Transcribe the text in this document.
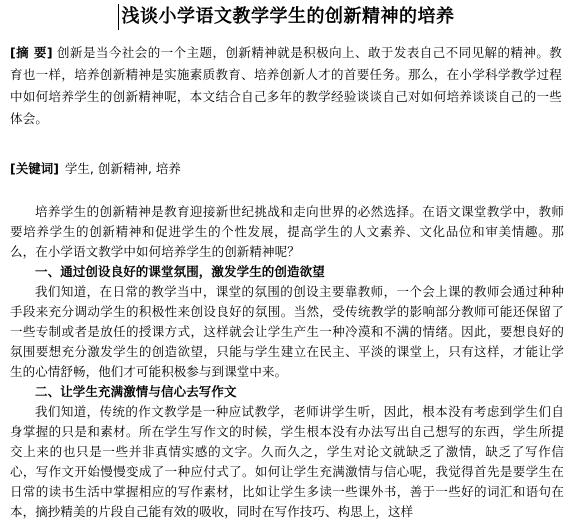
浅谈小学语文教学学生的创新精神的培养
[摘 要] 创新是当今社会的一个主题，创新精神就是积极向上、敢于发表自己不同见解的精神。教育也一样，培养创新精神是实施素质教育、培养创新人才的首要任务。那么，在小学科学教学过程中如何培养学生的创新精神呢，本文结合自己多年的教学经验谈谈自己对如何培养谈谈自己的一些体会。
[关键词] 学生, 创新精神, 培养

培养学生的创新精神是教育迎接新世纪挑战和走向世界的必然选择。在语文课堂教学中，教师要培养学生的创新精神和促进学生的个性发展，提高学生的人文素养、文化品位和审美情趣。那么，在小学语文教学中如何培养学生的创新精神呢？

一、通过创设良好的课堂氛围，激发学生的创造欲望

我们知道，在日常的教学当中，课堂的氛围的创设主要靠教师，一个会上课的教师会通过种种手段来充分调动学生的积极性来创设良好的氛围。当然，受传统教学的影响部分教师可能还保留了一些专制或者是放任的授课方式，这样就会让学生产生一种冷漠和不满的情绪。因此，要想良好的氛围要想充分激发学生的创造欲望，只能与学生建立在民主、平淡的课堂上，只有这样，才能让学生的心情舒畅，他们才可能积极参与到课堂中来。

二、让学生充满激情与信心去写作文

我们知道，传统的作文教学是一种应试教学，老师讲学生听，因此，根本没有考虑到学生们自身掌握的只是和素材。所在学生写作文的时候，学生根本没有办法写出自己想写的东西，学生所提交上来的也只是一些并非真情实感的文字。久而久之，学生对论文就缺乏了激情，缺乏了写作信心，写作文开始慢慢变成了一种应付式了。如何让学生充满激情与信心呢，我觉得首先是要学生在日常的读书生活中掌握相应的写作素材，比如让学生多读一些课外书，善于一些好的词汇和语句在本，摘抄精美的片段自己能有效的吸收，同时在写作技巧、构思上，这样
